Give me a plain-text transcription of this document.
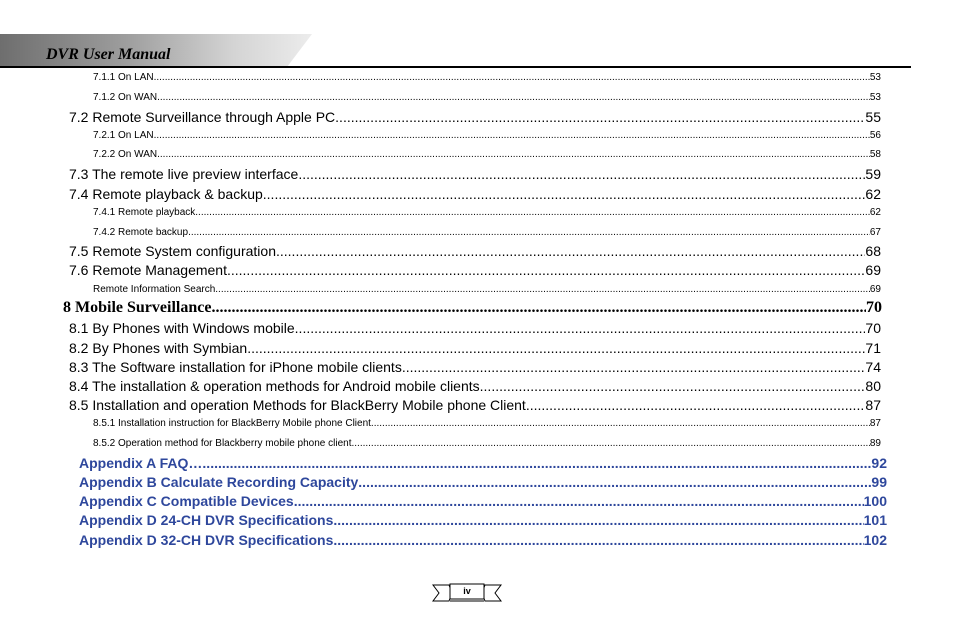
DVR User Manual
7.1.1 On LAN .....	53
7.1.2 On WAN .....	53
7.2 Remote Surveillance through Apple PC .....	55
7.2.1 On LAN .....	56
7.2.2 On WAN .....	58
7.3 The remote live preview interface .....	59
7.4 Remote playback & backup .....	62
7.4.1 Remote playback .....	62
7.4.2 Remote backup .....	67
7.5 Remote System configuration .....	68
7.6 Remote Management .....	69
Remote Information Search .....	69
8 Mobile Surveillance .....	70
8.1 By Phones with Windows mobile .....	70
8.2 By Phones with Symbian .....	71
8.3 The Software installation for iPhone mobile clients .....	74
8.4 The installation & operation methods for Android mobile clients .....	80
8.5 Installation and operation Methods for BlackBerry Mobile phone Client .....	87
8.5.1 Installation instruction for BlackBerry Mobile phone Client .....	87
8.5.2 Operation method for Blackberry mobile phone client .....	89
Appendix A FAQ… .....	92
Appendix B Calculate Recording Capacity .....	99
Appendix C Compatible Devices .....	100
Appendix D 24-CH DVR Specifications .....	101
Appendix D 32-CH DVR Specifications .....	102
iv
